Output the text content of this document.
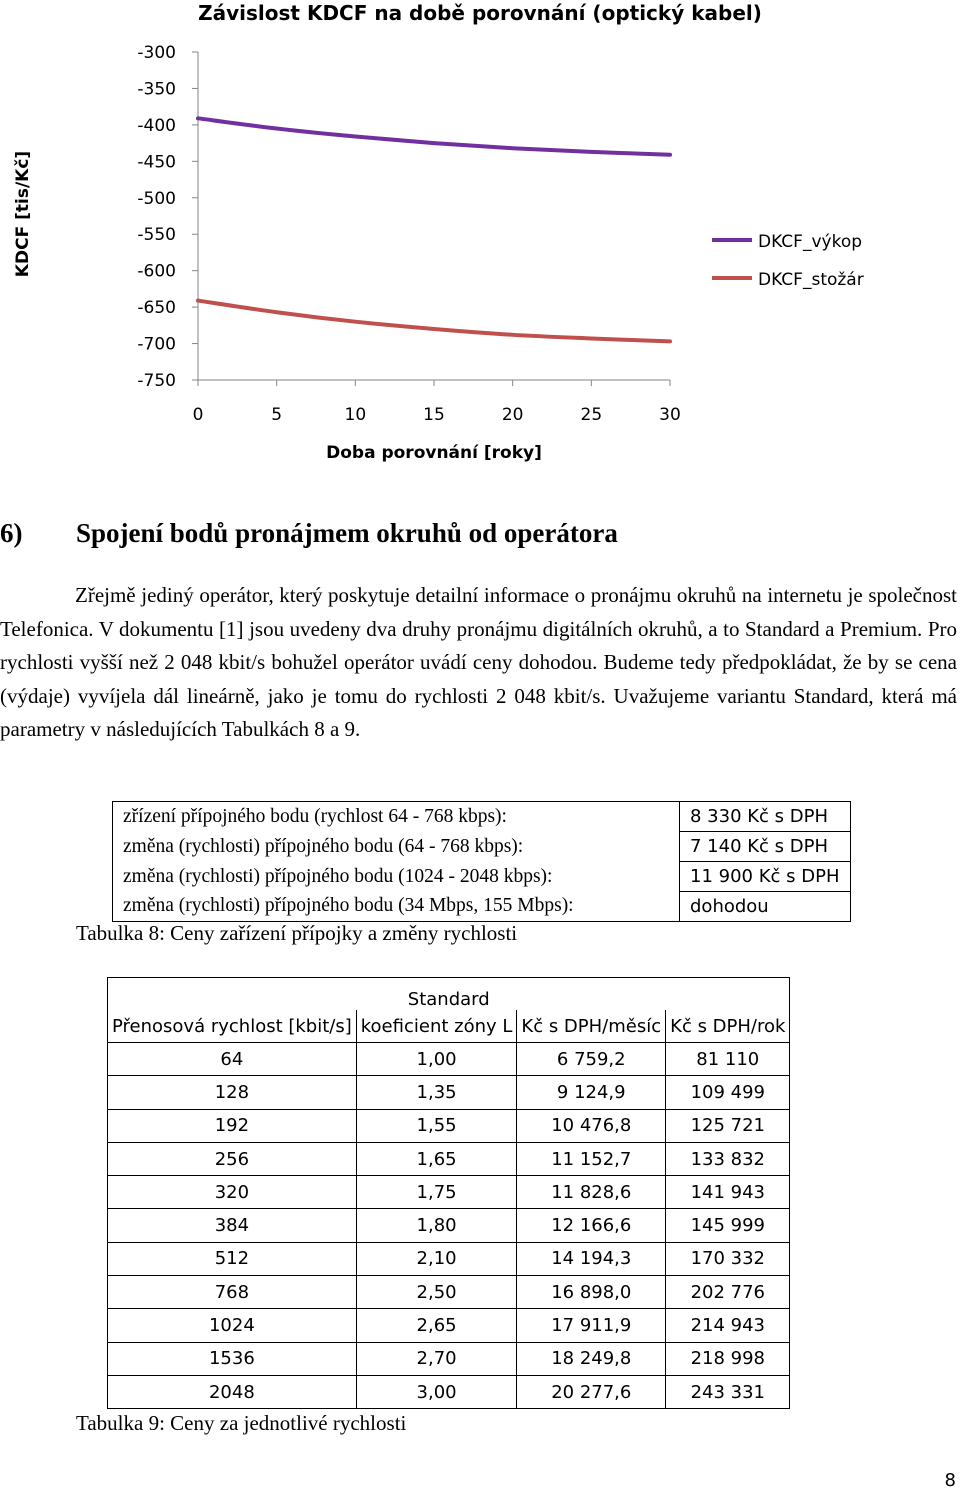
Závislost KDCF na době porovnání (optický kabel)
-300
-350
-400
-450
-500
-550
-600
-650
-700
-750
0	5	10	15	20	25	30
KDCF [tis/Kč]
Doba porovnání [roky]
DKCF_výkop
DKCF_stožár
6) Spojení bodů pronájmem okruhů od operátora
Zřejmě jediný operátor, který poskytuje detailní informace o pronájmu okruhů na internetu je společnost Telefonica. V dokumentu [1] jsou uvedeny dva druhy pronájmu digitálních okruhů, a to Standard a Premium. Pro rychlosti vyšší než 2 048 kbit/s bohužel operátor uvádí ceny dohodou. Budeme tedy předpokládat, že by se cena (výdaje) vyvíjela dál lineárně, jako je tomu do rychlosti 2 048 kbit/s. Uvažujeme variantu Standard, která má parametry v následujících Tabulkách 8 a 9.
zřízení přípojného bodu (rychlost 64 - 768 kbps):	8 330 Kč s DPH
změna (rychlosti) přípojného bodu (64 - 768 kbps):	7 140 Kč s DPH
změna (rychlosti) přípojného bodu (1024 - 2048 kbps):	11 900 Kč s DPH
změna (rychlosti) přípojného bodu (34 Mbps, 155 Mbps):	dohodou
Tabulka 8: Ceny zařízení přípojky a změny rychlosti
Standard			
Přenosová rychlost [kbit/s]	koeficient zóny L	Kč s DPH/měsíc	Kč s DPH/rok
64	1,00	6 759,2	81 110
128	1,35	9 124,9	109 499
192	1,55	10 476,8	125 721
256	1,65	11 152,7	133 832
320	1,75	11 828,6	141 943
384	1,80	12 166,6	145 999
512	2,10	14 194,3	170 332
768	2,50	16 898,0	202 776
1024	2,65	17 911,9	214 943
1536	2,70	18 249,8	218 998
2048	3,00	20 277,6	243 331
Tabulka 9: Ceny za jednotlivé rychlosti
8
